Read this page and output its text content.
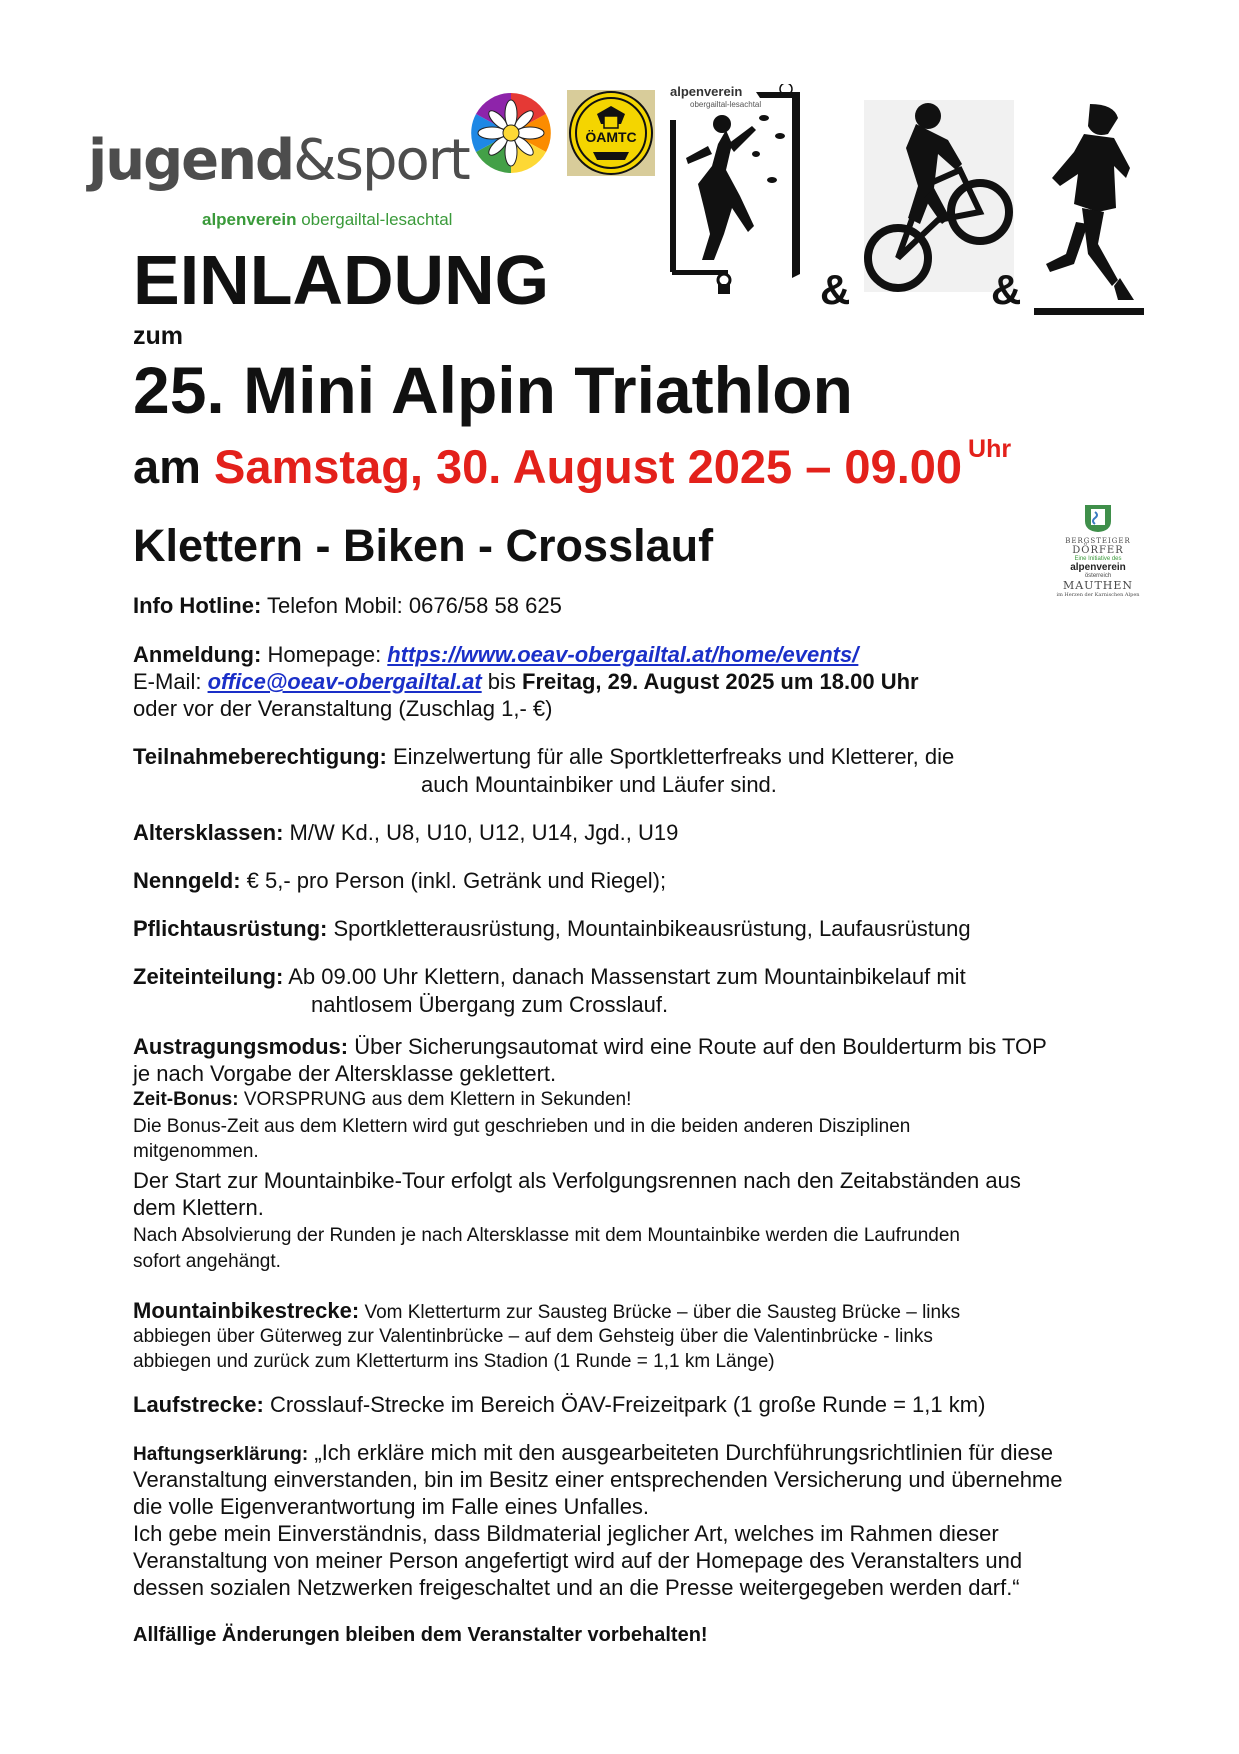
jugend&sport
alpenverein obergailtal-lesachtal
ÖAMTC
alpenverein
obergailtal-lesachtal
&	&
EINLADUNG
zum
25. Mini Alpin Triathlon
am Samstag, 30. August 2025 – 09.00 $^{Uhr}$
Klettern - Biken - Crosslauf	BERGSTEIGER
DÖRFER
Eine Initiative des
alpenverein
österreich
MAUTHEN
im Herzen der Karnischen Alpen
Info Hotline: Telefon Mobil: 0676/58 58 625
Anmeldung: Homepage: https://www.oeav-obergailtal.at/home/events/
E-Mail: office@oeav-obergailtal.at bis Freitag, 29. August 2025 um 18.00 Uhr
oder vor der Veranstaltung (Zuschlag 1,- €)
Teilnahmeberechtigung: Einzelwertung für alle Sportkletterfreaks und Kletterer, die
auch Mountainbiker und Läufer sind.
Altersklassen: M/W Kd., U8, U10, U12, U14, Jgd., U19
Nenngeld: € 5,- pro Person (inkl. Getränk und Riegel);
Pflichtausrüstung: Sportkletterausrüstung, Mountainbikeausrüstung, Laufausrüstung
Zeiteinteilung: Ab 09.00 Uhr Klettern, danach Massenstart zum Mountainbikelauf mit
nahtlosem Übergang zum Crosslauf.
Austragungsmodus: Über Sicherungsautomat wird eine Route auf den Boulderturm bis TOP
je nach Vorgabe der Altersklasse geklettert.
Zeit-Bonus: VORSPRUNG aus dem Klettern in Sekunden!
Die Bonus-Zeit aus dem Klettern wird gut geschrieben und in die beiden anderen Disziplinen
mitgenommen.
Der Start zur Mountainbike-Tour erfolgt als Verfolgungsrennen nach den Zeitabständen aus
dem Klettern.
Nach Absolvierung der Runden je nach Altersklasse mit dem Mountainbike werden die Laufrunden
sofort angehängt.
Mountainbikestrecke: Vom Kletterturm zur Sausteg Brücke – über die Sausteg Brücke – links
abbiegen über Güterweg zur Valentinbrücke – auf dem Gehsteig über die Valentinbrücke - links
abbiegen und zurück zum Kletterturm ins Stadion (1 Runde = 1,1 km Länge)
Laufstrecke: Crosslauf-Strecke im Bereich ÖAV-Freizeitpark (1 große Runde = 1,1 km)
Haftungserklärung: „Ich erkläre mich mit den ausgearbeiteten Durchführungsrichtlinien für diese
Veranstaltung einverstanden, bin im Besitz einer entsprechenden Versicherung und übernehme
die volle Eigenverantwortung im Falle eines Unfalles.
Ich gebe mein Einverständnis, dass Bildmaterial jeglicher Art, welches im Rahmen dieser
Veranstaltung von meiner Person angefertigt wird auf der Homepage des Veranstalters und
dessen sozialen Netzwerken freigeschaltet und an die Presse weitergegeben werden darf.“
Allfällige Änderungen bleiben dem Veranstalter vorbehalten!
